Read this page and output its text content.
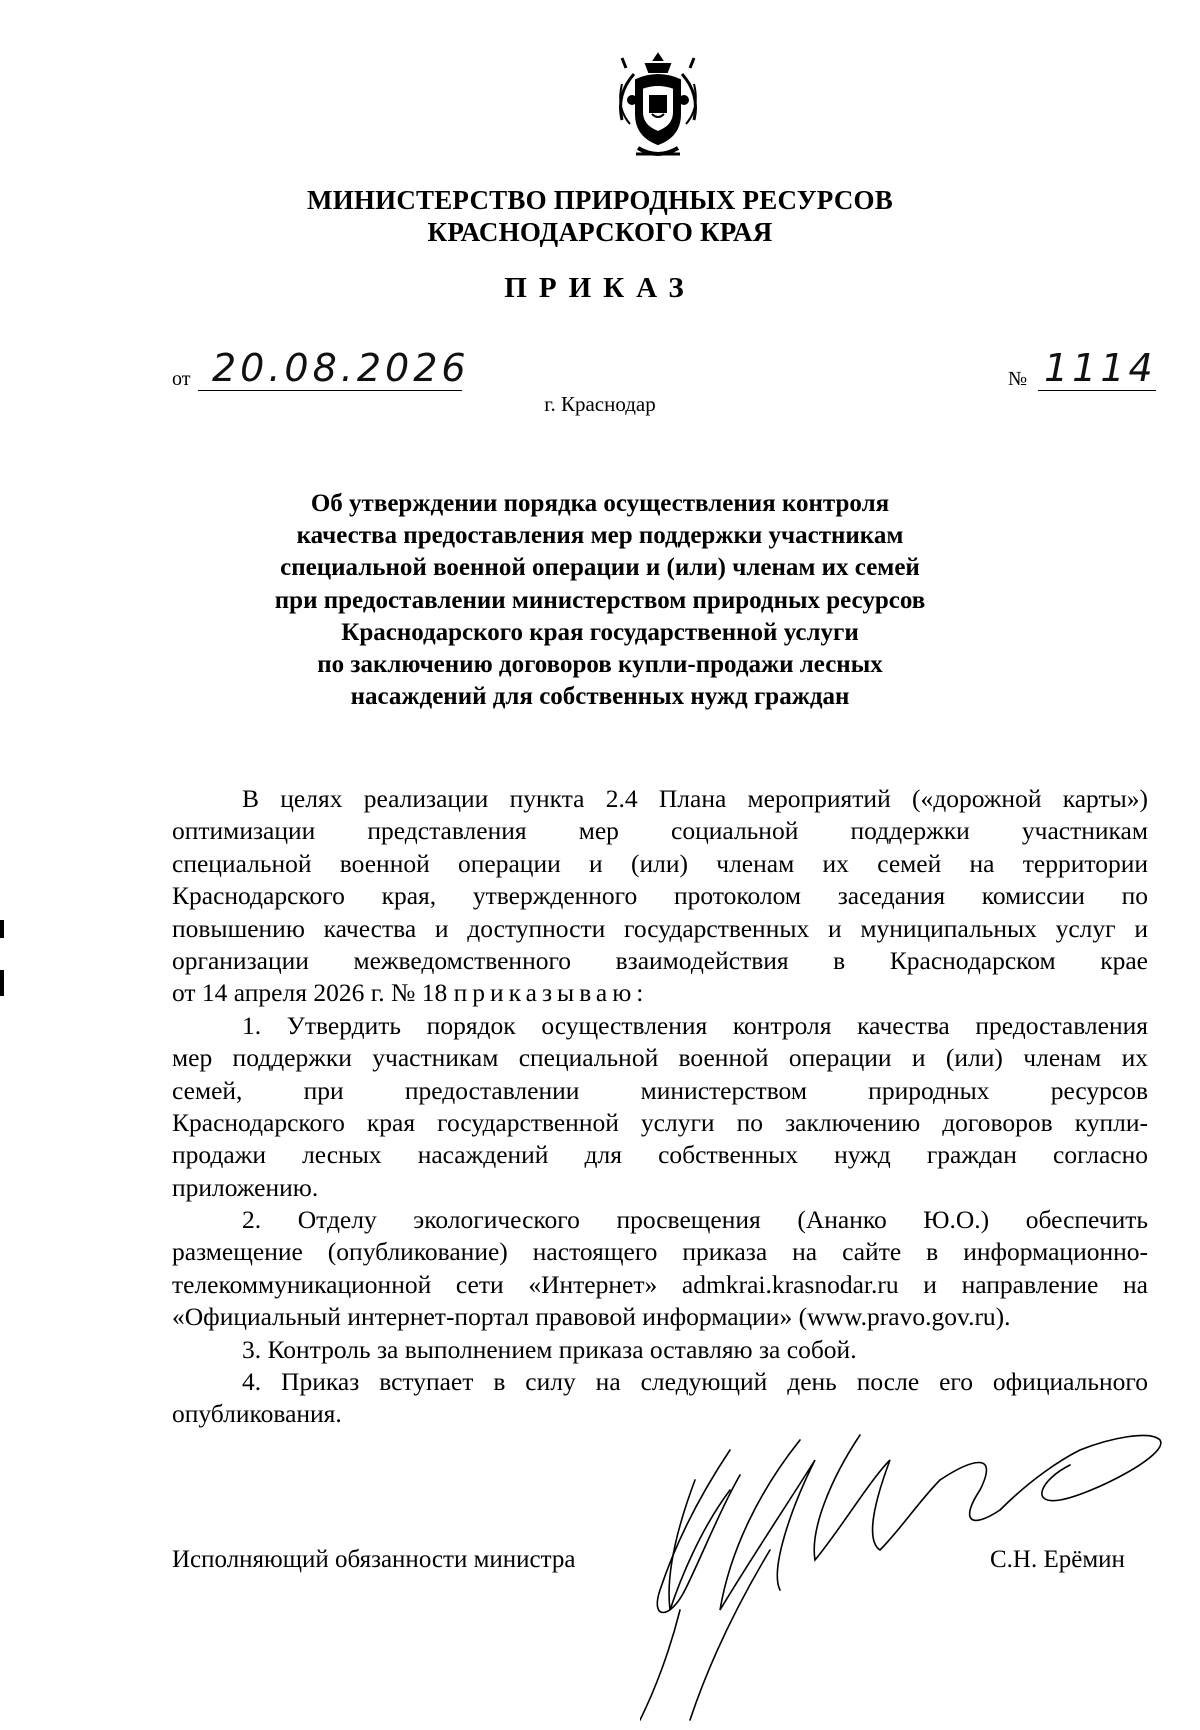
МИНИСТЕРСТВО ПРИРОДНЫХ РЕСУРСОВ
КРАСНОДАРСКОГО КРАЯ
ПРИКАЗ
от 20.08.2026	№ 1114
г. Краснодар
Об утверждении порядка осуществления контроля
качества предоставления мер поддержки участникам
специальной военной операции и (или) членам их семей
при предоставлении министерством природных ресурсов
Краснодарского края государственной услуги
по заключению договоров купли-продажи лесных
насаждений для собственных нужд граждан
В целях реализации пункта 2.4 Плана мероприятий («дорожной карты»)
оптимизации представления мер социальной поддержки участникам
специальной военной операции и (или) членам их семей на территории
Краснодарского края, утвержденного протоколом заседания комиссии по
повышению качества и доступности государственных и муниципальных услуг и
организации межведомственного взаимодействия в Краснодарском крае
от 14 апреля 2026 г. № 18 приказываю:
1. Утвердить порядок осуществления контроля качества предоставления
мер поддержки участникам специальной военной операции и (или) членам их
семей, при предоставлении министерством природных ресурсов
Краснодарского края государственной услуги по заключению договоров купли-
продажи лесных насаждений для собственных нужд граждан согласно
приложению.
2. Отделу экологического просвещения (Ананко Ю.О.) обеспечить
размещение (опубликование) настоящего приказа на сайте в информационно-
телекоммуникационной сети «Интернет» admkrai.krasnodar.ru и направление на
«Официальный интернет-портал правовой информации» (www.pravo.gov.ru).
3. Контроль за выполнением приказа оставляю за собой.
4. Приказ вступает в силу на следующий день после его официального
опубликования.
Исполняющий обязанности министра	С.Н. Ерёмин
